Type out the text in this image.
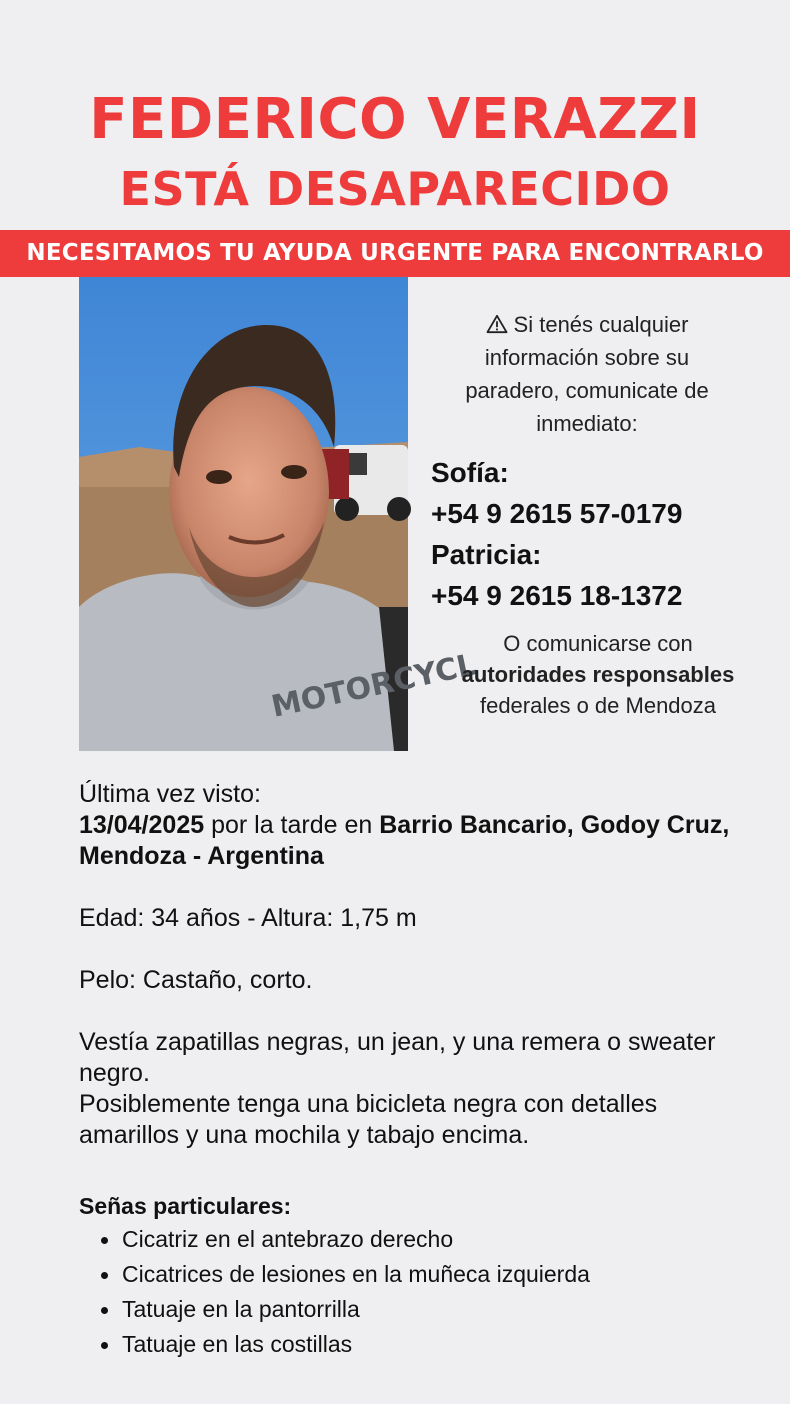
FEDERICO VERAZZI
ESTÁ DESAPARECIDO
NECESITAMOS TU AYUDA URGENTE PARA ENCONTRARLO
MOTORCYCL
Si tenés cualquier información sobre su paradero, comunicate de inmediato:
Sofía:
+54 9 2615 57-0179
Patricia:
+54 9 2615 18-1372
O comunicarse con
autoridades responsables
federales o de Mendoza

Última vez visto:

13/04/2025 por la tarde en Barrio Bancario, Godoy Cruz, Mendoza - Argentina

Edad: 34 años - Altura: 1,75 m

Pelo: Castaño, corto.

Vestía zapatillas negras, un jean, y una remera o sweater negro.

Posiblemente tenga una bicicleta negra con detalles amarillos y una mochila y tabajo encima.

Señas particulares:

Cicatriz en el antebrazo derecho
Cicatrices de lesiones en la muñeca izquierda
Tatuaje en la pantorrilla
Tatuaje en las costillas
